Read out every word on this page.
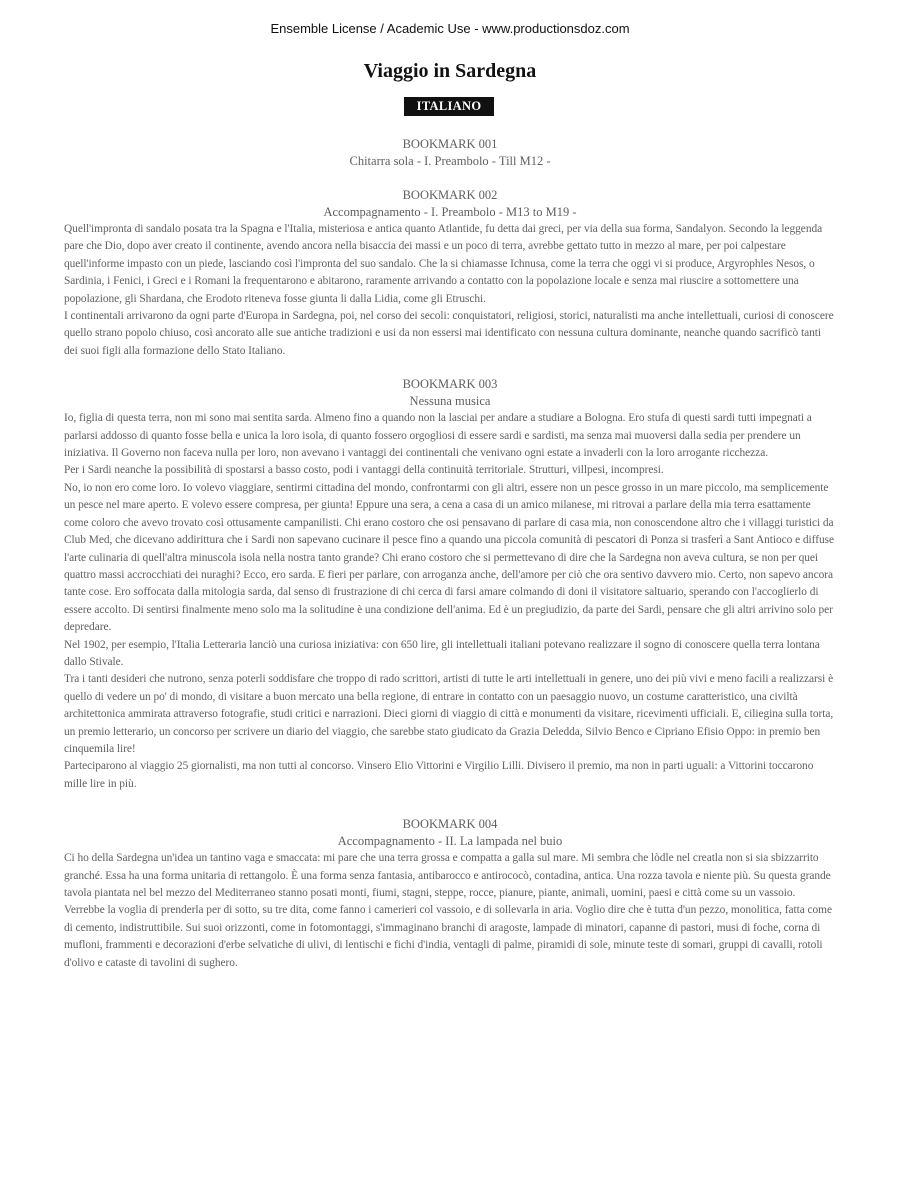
Ensemble License / Academic Use - www.productionsdoz.com
Viaggio in Sardegna
ITALIANO
BOOKMARK 001
Chitarra sola - I. Preambolo - Till M12 -
BOOKMARK 002
Accompagnamento - I. Preambolo - M13 to M19 -

Quell'impronta di sandalo posata tra la Spagna e l'Italia, misteriosa e antica quanto Atlantide, fu detta dai greci, per via della sua forma, Sandalyon. Secondo la leggenda pare che Dio, dopo aver creato il continente, avendo ancora nella bisaccia dei massi e un poco di terra, avrebbe gettato tutto in mezzo al mare, per poi calpestare quell'informe impasto con un piede, lasciando così l'impronta del suo sandalo. Che la si chiamasse Ichnusa, come la terra che oggi vi si produce, Argyrophles Nesos, o Sardinia, i Fenici, i Greci e i Romani la frequentarono e abitarono, raramente arrivando a contatto con la popolazione locale e senza mai riuscire a sottomettere una popolazione, gli Shardana, che Erodoto riteneva fosse giunta li dalla Lidia, come gli Etruschi.

I continentali arrivarono da ogni parte d'Europa in Sardegna, poi, nel corso dei secoli: conquistatori, religiosi, storici, naturalisti ma anche intellettuali, curiosi di conoscere quello strano popolo chiuso, così ancorato alle sue antiche tradizioni e usi da non essersi mai identificato con nessuna cultura dominante, neanche quando sacrificò tanti dei suoi figli alla formazione dello Stato Italiano.

BOOKMARK 003
Nessuna musica

Io, figlia di questa terra, non mi sono mai sentita sarda. Almeno fino a quando non la lasciai per andare a studiare a Bologna. Ero stufa di questi sardi tutti impegnati a parlarsi addosso di quanto fosse bella e unica la loro isola, di quanto fossero orgogliosi di essere sardi e sardisti, ma senza mai muoversi dalla sedia per prendere un iniziativa. Il Governo non faceva nulla per loro, non avevano i vantaggi dei continentali che venivano ogni estate a invaderli con la loro arrogante ricchezza.

Per i Sardi neanche la possibilità di spostarsi a basso costo, podi i vantaggi della continuità territoriale. Strutturi, villpesi, incompresi.

No, io non ero come loro. Io volevo viaggiare, sentirmi cittadina del mondo, confrontarmi con gli altri, essere non un pesce grosso in un mare piccolo, ma semplicemente un pesce nel mare aperto. E volevo essere compresa, per giunta! Eppure una sera, a cena a casa di un amico milanese, mi ritrovai a parlare della mia terra esattamente come coloro che avevo trovato così ottusamente campanilisti. Chi erano costoro che osi pensavano di parlare di casa mia, non conoscendone altro che i villaggi turistici da Club Med, che dicevano addirittura che i Sardi non sapevano cucinare il pesce fino a quando una piccola comunità di pescatori di Ponza si trasferì a Sant Antioco e diffuse l'arte culinaria di quell'altra minuscola isola nella nostra tanto grande? Chi erano costoro che si permettevano di dire che la Sardegna non aveva cultura, se non per quei quattro massi accrocchiati dei nuraghi? Ecco, ero sarda. E fieri per parlare, con arroganza anche, dell'amore per ciò che ora sentivo davvero mio. Certo, non sapevo ancora tante cose. Ero soffocata dalla mitologia sarda, dal senso di frustrazione di chi cerca di farsi amare colmando di doni il visitatore saltuario, sperando con l'accoglierlo di essere accolto. Di sentirsi finalmente meno solo ma la solitudine è una condizione dell'anima. Ed è un pregiudizio, da parte dei Sardi, pensare che gli altri arrivino solo per depredare.

Nel 1902, per esempio, l'Italia Letteraria lanciò una curiosa iniziativa: con 650 lire, gli intellettuali italiani potevano realizzare il sogno di conoscere quella terra lontana dallo Stivale.

Tra i tanti desideri che nutrono, senza poterli soddisfare che troppo di rado scrittori, artisti di tutte le arti intellettuali in genere, uno dei più vivi e meno facili a realizzarsi è quello di vedere un po' di mondo, di visitare a buon mercato una bella regione, di entrare in contatto con un paesaggio nuovo, un costume caratteristico, una civiltà architettonica ammirata attraverso fotografie, studi critici e narrazioni. Dieci giorni di viaggio di città e monumenti da visitare, ricevimenti ufficiali. E, ciliegina sulla torta, un premio letterario, un concorso per scrivere un diario del viaggio, che sarebbe stato giudicato da Grazia Deledda, Silvio Benco e Cipriano Efisio Oppo: in premio ben cinquemila lire!

Parteciparono al viaggio 25 giornalisti, ma non tutti al concorso. Vinsero Elio Vittorini e Virgilio Lilli. Divisero il premio, ma non in parti uguali: a Vittorini toccarono mille lire in più.

BOOKMARK 004
Accompagnamento - II. La lampada nel buio

Ci ho della Sardegna un'idea un tantino vaga e smaccata: mi pare che una terra grossa e compatta a galla sul mare. Mi sembra che lòdle nel creatla non si sia sbizzarrito granché. Essa ha una forma unitaria di rettangolo. È una forma senza fantasia, antibarocco e antirococò, contadina, antica. Una rozza tavola e niente più. Su questa grande tavola piantata nel bel mezzo del Mediterraneo stanno posati monti, fiumi, stagni, steppe, rocce, pianure, piante, animali, uomini, paesi e città come su un vassoio. Verrebbe la voglia di prenderla per di sotto, su tre dita, come fanno i camerieri col vassoio, e di sollevarla in aria. Voglio dire che è tutta d'un pezzo, monolitica, fatta come di cemento, indistruttibile. Sui suoi orizzonti, come in fotomontaggi, s'immaginano branchi di aragoste, lampade di minatori, capanne di pastori, musi di foche, corna di mufloni, frammenti e decorazioni d'erbe selvatiche di ulivi, di lentischi e fichi d'india, ventagli di palme, piramidi di sole, minute teste di somari, gruppi di cavalli, rotoli d'olivo e cataste di tavolini di sughero.
